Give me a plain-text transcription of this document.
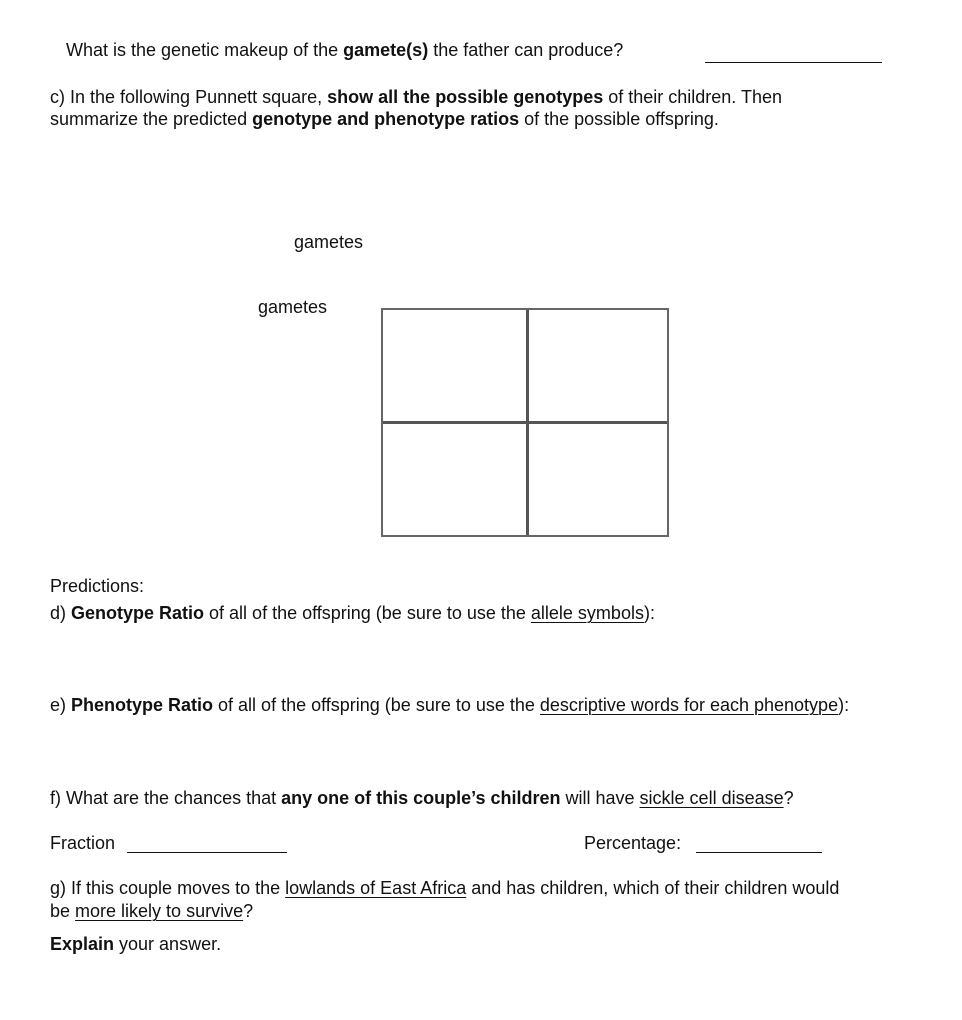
What is the genetic makeup of the gamete(s) the father can produce?
c) In the following Punnett square, show all the possible genotypes of their children. Then
summarize the predicted genotype and phenotype ratios of the possible offspring.
gametes
gametes
Predictions:
d) Genotype Ratio of all of the offspring (be sure to use the allele symbols):
e) Phenotype Ratio of all of the offspring (be sure to use the descriptive words for each phenotype):
f) What are the chances that any one of this couple’s children will have sickle cell disease?
Fraction	Percentage:
g) If this couple moves to the lowlands of East Africa and has children, which of their children would
be more likely to survive?
Explain your answer.
